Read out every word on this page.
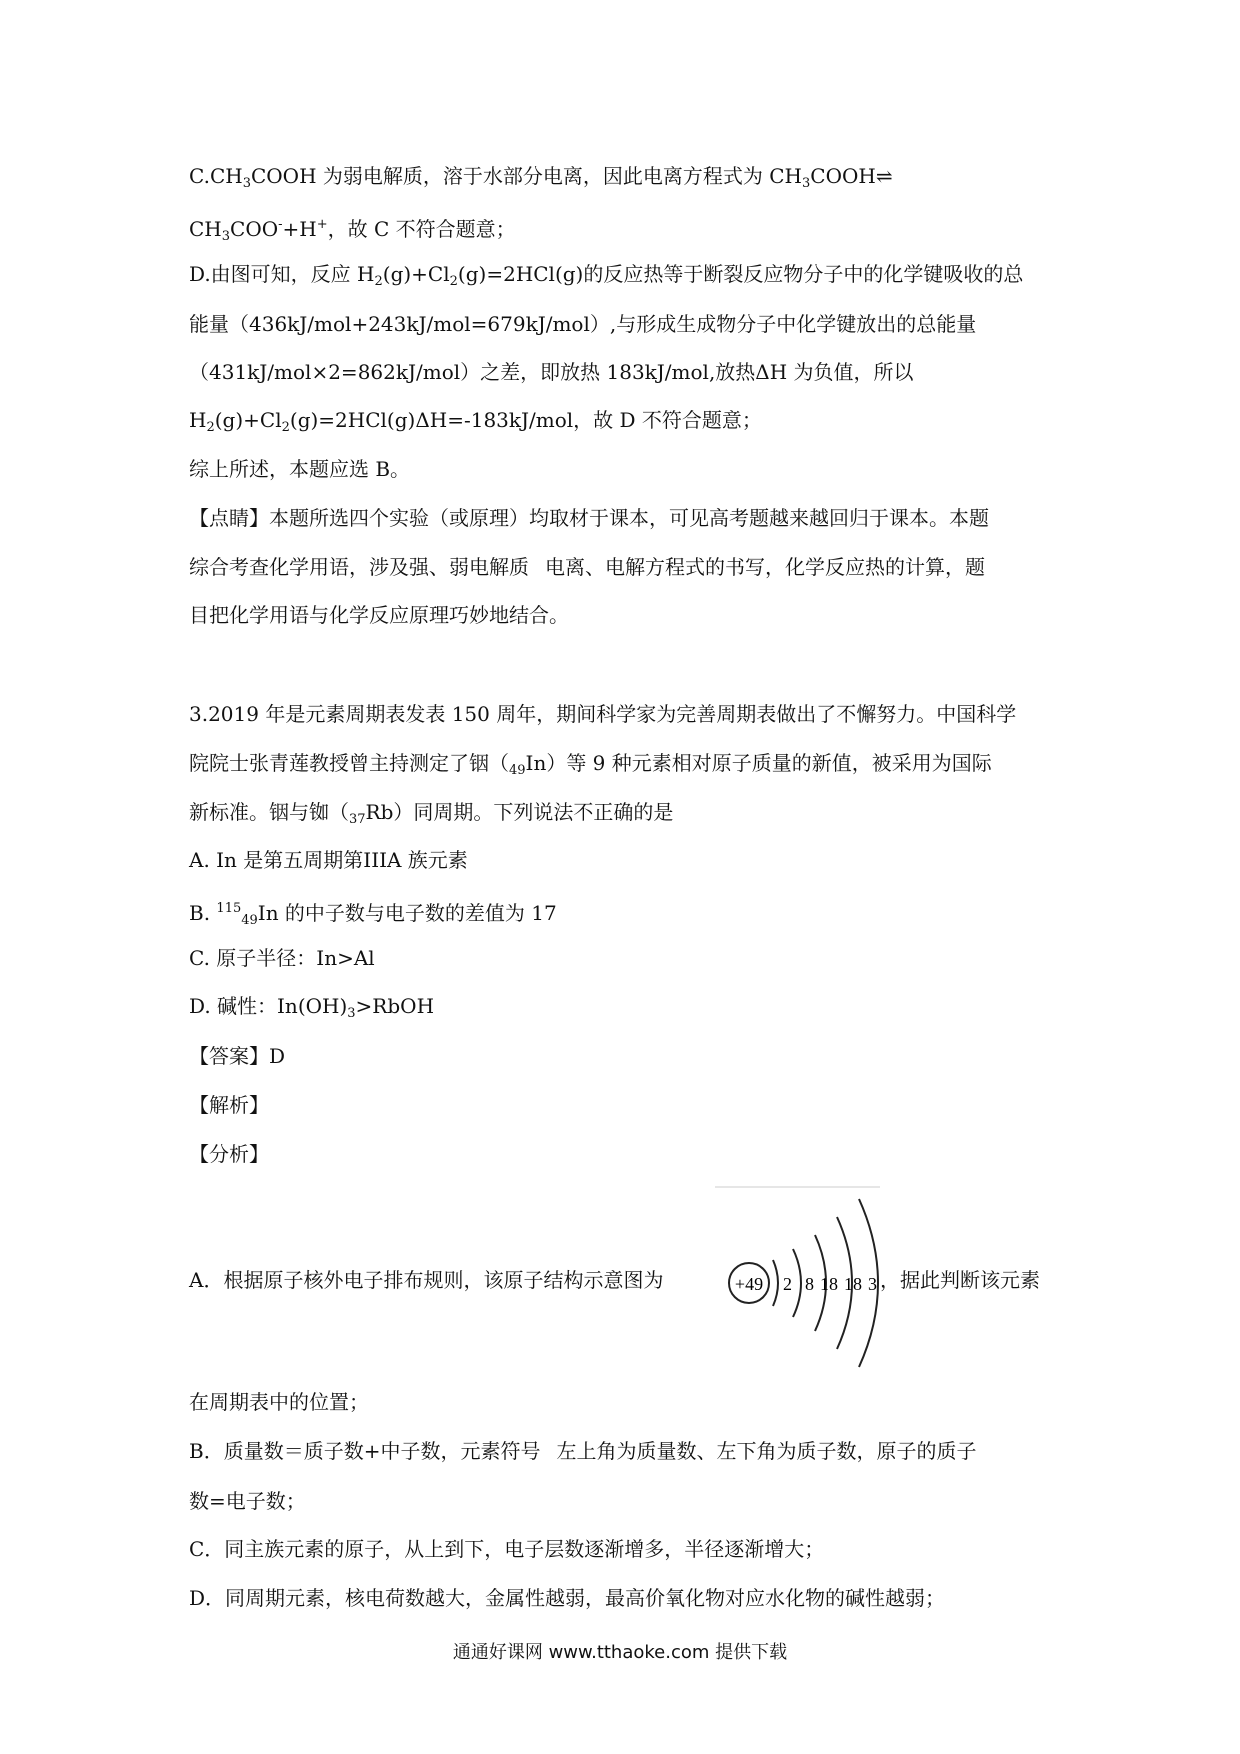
$C.CH_3COOH$ 为弱电解质，溶于水部分电离，因此电离方程式为 $CH_3COOH\rightleftharpoons$
$CH_3COO^-+H^+$，故 C 不符合题意；
D.由图可知，反应 $H_2(g)+Cl_2(g)=2HCl(g)$的反应热等于断裂反应物分子中的化学键吸收的总
能量（436kJ/mol+243kJ/mol=679kJ/mol）,与形成生成物分子中化学键放出的总能量
（431kJ/mol×2=862kJ/mol）之差，即放热 183kJ/mol,放热ΔH 为负值，所以
$H_2(g)+Cl_2(g)=2HCl(g)\Delta H=-183kJ$/mol，故 D 不符合题意；
综上所述，本题应选 B。
【点睛】本题所选四个实验（或原理）均取材于课本，可见高考题越来越回归于课本。本题
综合考查化学用语，涉及强、弱电解质 电离、电解方程式的书写，化学反应热的计算，题
目把化学用语与化学反应原理巧妙地结合。
3.2019 年是元素周期表发表 150 周年，期间科学家为完善周期表做出了不懈努力。中国科学
院院士张青莲教授曾主持测定了铟$(_{49}In)$等 9 种元素相对原子质量的新值，被采用为国际
新标准。铟与铷$(_{37}Rb)$同周期。下列说法不正确的是
A. In 是第五周期第IIIA 族元素
B. $^{115}_{49}$In 的中子数与电子数的差值为 17
C. 原子半径：In>Al
D. 碱性：$In(OH)_3>RbOH$
【答案】D
【解析】
【分析】
A．根据原子核外电子排布规则，该原子结构示意图为	，据此判断该元素
+49 2 8 18 18 3
在周期表中的位置；
B．质量数＝质子数+中子数，元素符号 左上角为质量数、左下角为质子数，原子的质子
数=电子数；
C．同主族元素的原子，从上到下，电子层数逐渐增多，半径逐渐增大；
D．同周期元素，核电荷数越大，金属性越弱，最高价氧化物对应水化物的碱性越弱；
通通好课网 www.tthaoke.com 提供下载
